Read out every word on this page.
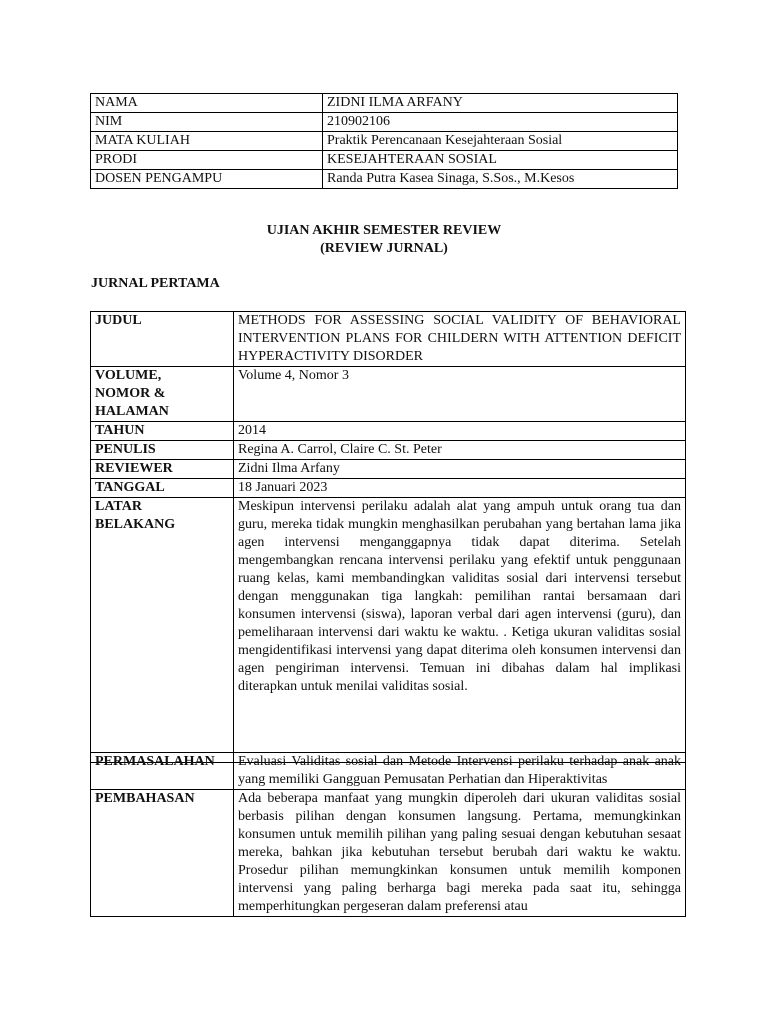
NAMA	ZIDNI ILMA ARFANY
NIM	210902106
MATA KULIAH	Praktik Perencanaan Kesejahteraan Sosial
PRODI	KESEJAHTERAAN SOSIAL
DOSEN PENGAMPU	Randa Putra Kasea Sinaga, S.Sos., M.Kesos
UJIAN AKHIR SEMESTER REVIEW
(REVIEW JURNAL)
JURNAL PERTAMA
JUDUL	METHODS FOR ASSESSING SOCIAL VALIDITY OF BEHAVIORAL INTERVENTION PLANS FOR CHILDERN WITH ATTENTION DEFICIT HYPERACTIVITY DISORDER

VOLUME,
NOMOR &
HALAMAN	Volume 4, Nomor 3
TAHUN	2014
PENULIS	Regina A. Carrol, Claire C. St. Peter
REVIEWER	Zidni Ilma Arfany
TANGGAL	18 Januari 2023

LATAR
BELAKANG	Meskipun intervensi perilaku adalah alat yang ampuh untuk orang tua dan guru, mereka tidak mungkin menghasilkan perubahan yang bertahan lama jika agen intervensi menganggapnya tidak dapat diterima. Setelah mengembangkan rencana intervensi perilaku yang efektif untuk penggunaan ruang kelas, kami membandingkan validitas sosial dari intervensi tersebut dengan menggunakan tiga langkah: pemilihan rantai bersamaan dari konsumen intervensi (siswa), laporan verbal dari agen intervensi (guru), dan pemeliharaan intervensi dari waktu ke waktu. . Ketiga ukuran validitas sosial mengidentifikasi intervensi yang dapat diterima oleh konsumen intervensi dan agen pengiriman intervensi. Temuan ini dibahas dalam hal implikasi diterapkan untuk menilai validitas sosial.
PERMASALAHAN	Evaluasi Validitas sosial dan Metode Intervensi perilaku terhadap anak anak yang memiliki Gangguan Pemusatan Perhatian dan Hiperaktivitas
PEMBAHASAN	Ada beberapa manfaat yang mungkin diperoleh dari ukuran validitas sosial berbasis pilihan dengan konsumen langsung. Pertama, memungkinkan konsumen untuk memilih pilihan yang paling sesuai dengan kebutuhan sesaat mereka, bahkan jika kebutuhan tersebut berubah dari waktu ke waktu. Prosedur pilihan memungkinkan konsumen untuk memilih komponen intervensi yang paling berharga bagi mereka pada saat itu, sehingga memperhitungkan pergeseran dalam preferensi atau
